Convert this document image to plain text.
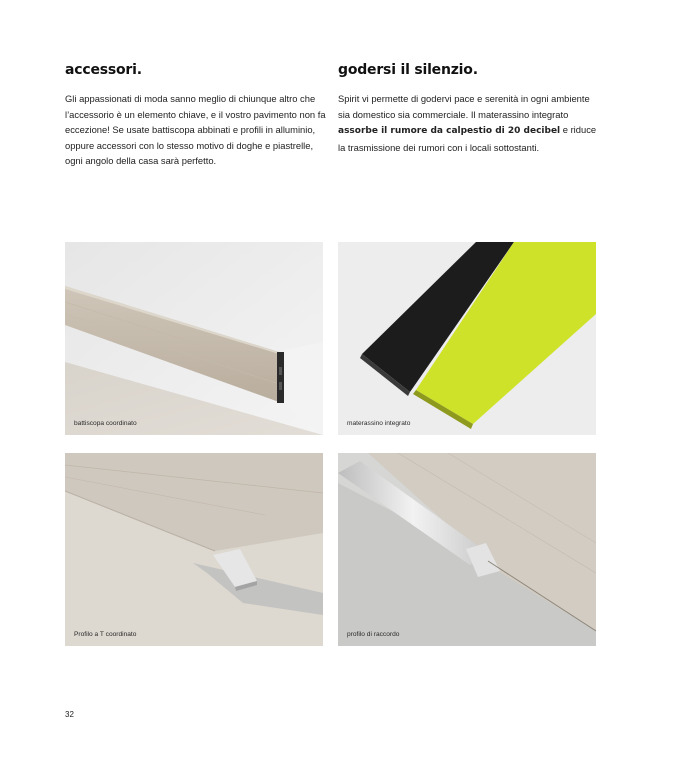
accessori.

Gli appassionati di moda sanno meglio di chiunque altro che l’accessorio è un elemento chiave, e il vostro pavimento non fa eccezione! Se usate battiscopa abbinati e profili in alluminio, oppure accessori con lo stesso motivo di doghe e piastrelle, ogni angolo della casa sarà perfetto.

godersi il silenzio.

Spirit vi permette di godervi pace e serenità in ogni ambiente sia domestico sia commerciale. Il materassino integrato assorbe il rumore da calpestio di 20 decibel e riduce la trasmissione dei rumori con i locali sottostanti.

battiscopa coordinato	materassino integrato
Profilo a T coordinato	profilo di raccordo
32
